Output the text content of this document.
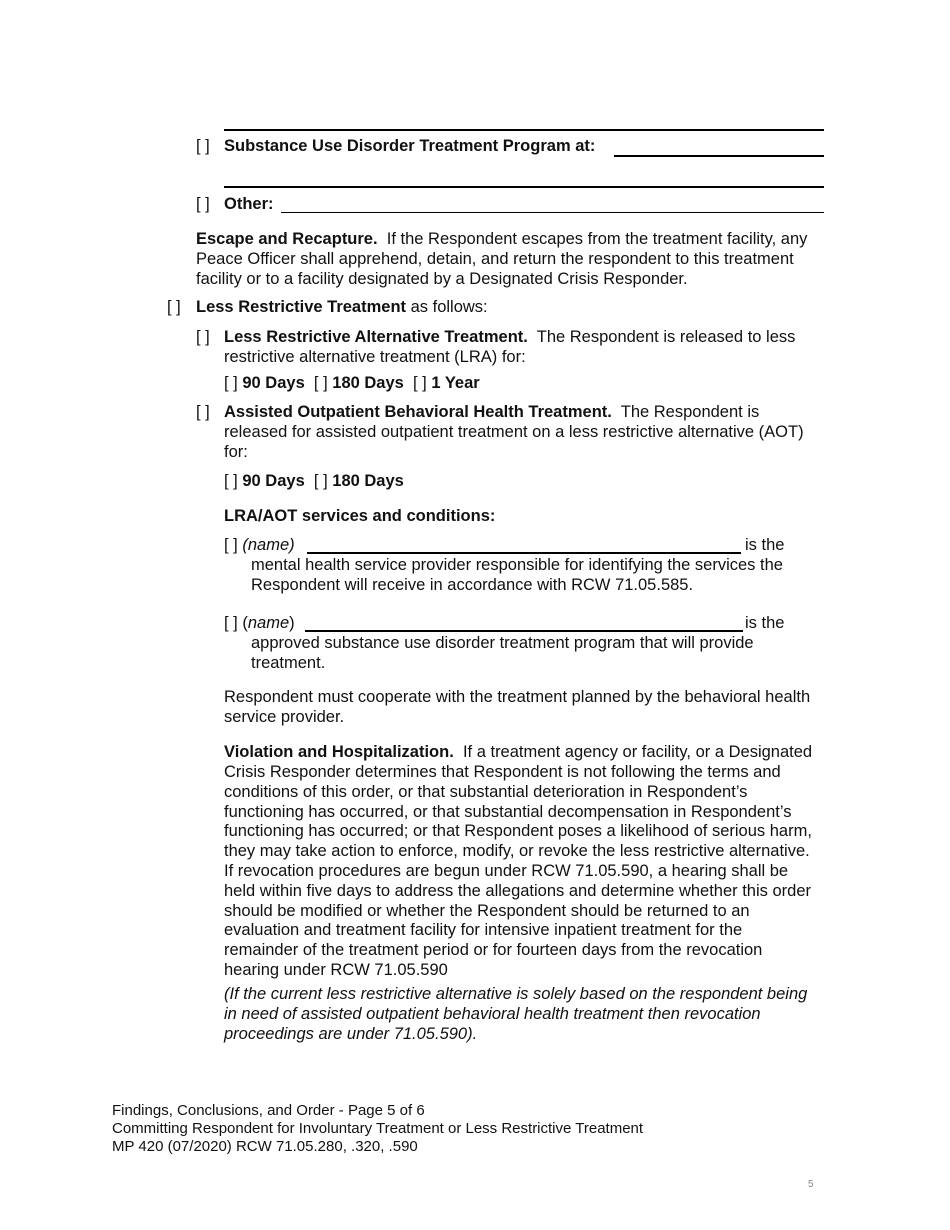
[ ] Substance Use Disorder Treatment Program at:
[ ] Other:
Escape and Recapture. If the Respondent escapes from the treatment facility, any Peace Officer shall apprehend, detain, and return the respondent to this treatment facility or to a facility designated by a Designated Crisis Responder.
[ ] Less Restrictive Treatment as follows:
[ ] Less Restrictive Alternative Treatment. The Respondent is released to less
restrictive alternative treatment (LRA) for:
[ ] 90 Days [ ] 180 Days [ ] 1 Year
[ ] Assisted Outpatient Behavioral Health Treatment. The Respondent is
released for assisted outpatient treatment on a less restrictive alternative (AOT)
for:
[ ] 90 Days [ ] 180 Days
LRA/AOT services and conditions:
[ ] (name)	is the
mental health service provider responsible for identifying the services the
Respondent will receive in accordance with RCW 71.05.585.
[ ] (name)	is the
approved substance use disorder treatment program that will provide
treatment.
Respondent must cooperate with the treatment planned by the behavioral health
service provider.
Violation and Hospitalization. If a treatment agency or facility, or a Designated
Crisis Responder determines that Respondent is not following the terms and
conditions of this order, or that substantial deterioration in Respondent’s
functioning has occurred, or that substantial decompensation in Respondent’s
functioning has occurred; or that Respondent poses a likelihood of serious harm,
they may take action to enforce, modify, or revoke the less restrictive alternative.
If revocation procedures are begun under RCW 71.05.590, a hearing shall be
held within five days to address the allegations and determine whether this order
should be modified or whether the Respondent should be returned to an
evaluation and treatment facility for intensive inpatient treatment for the
remainder of the treatment period or for fourteen days from the revocation
hearing under RCW 71.05.590
(If the current less restrictive alternative is solely based on the respondent being
in need of assisted outpatient behavioral health treatment then revocation
proceedings are under 71.05.590).
Findings, Conclusions, and Order - Page 5 of 6
Committing Respondent for Involuntary Treatment or Less Restrictive Treatment
MP 420 (07/2020) RCW 71.05.280, .320, .590
5
